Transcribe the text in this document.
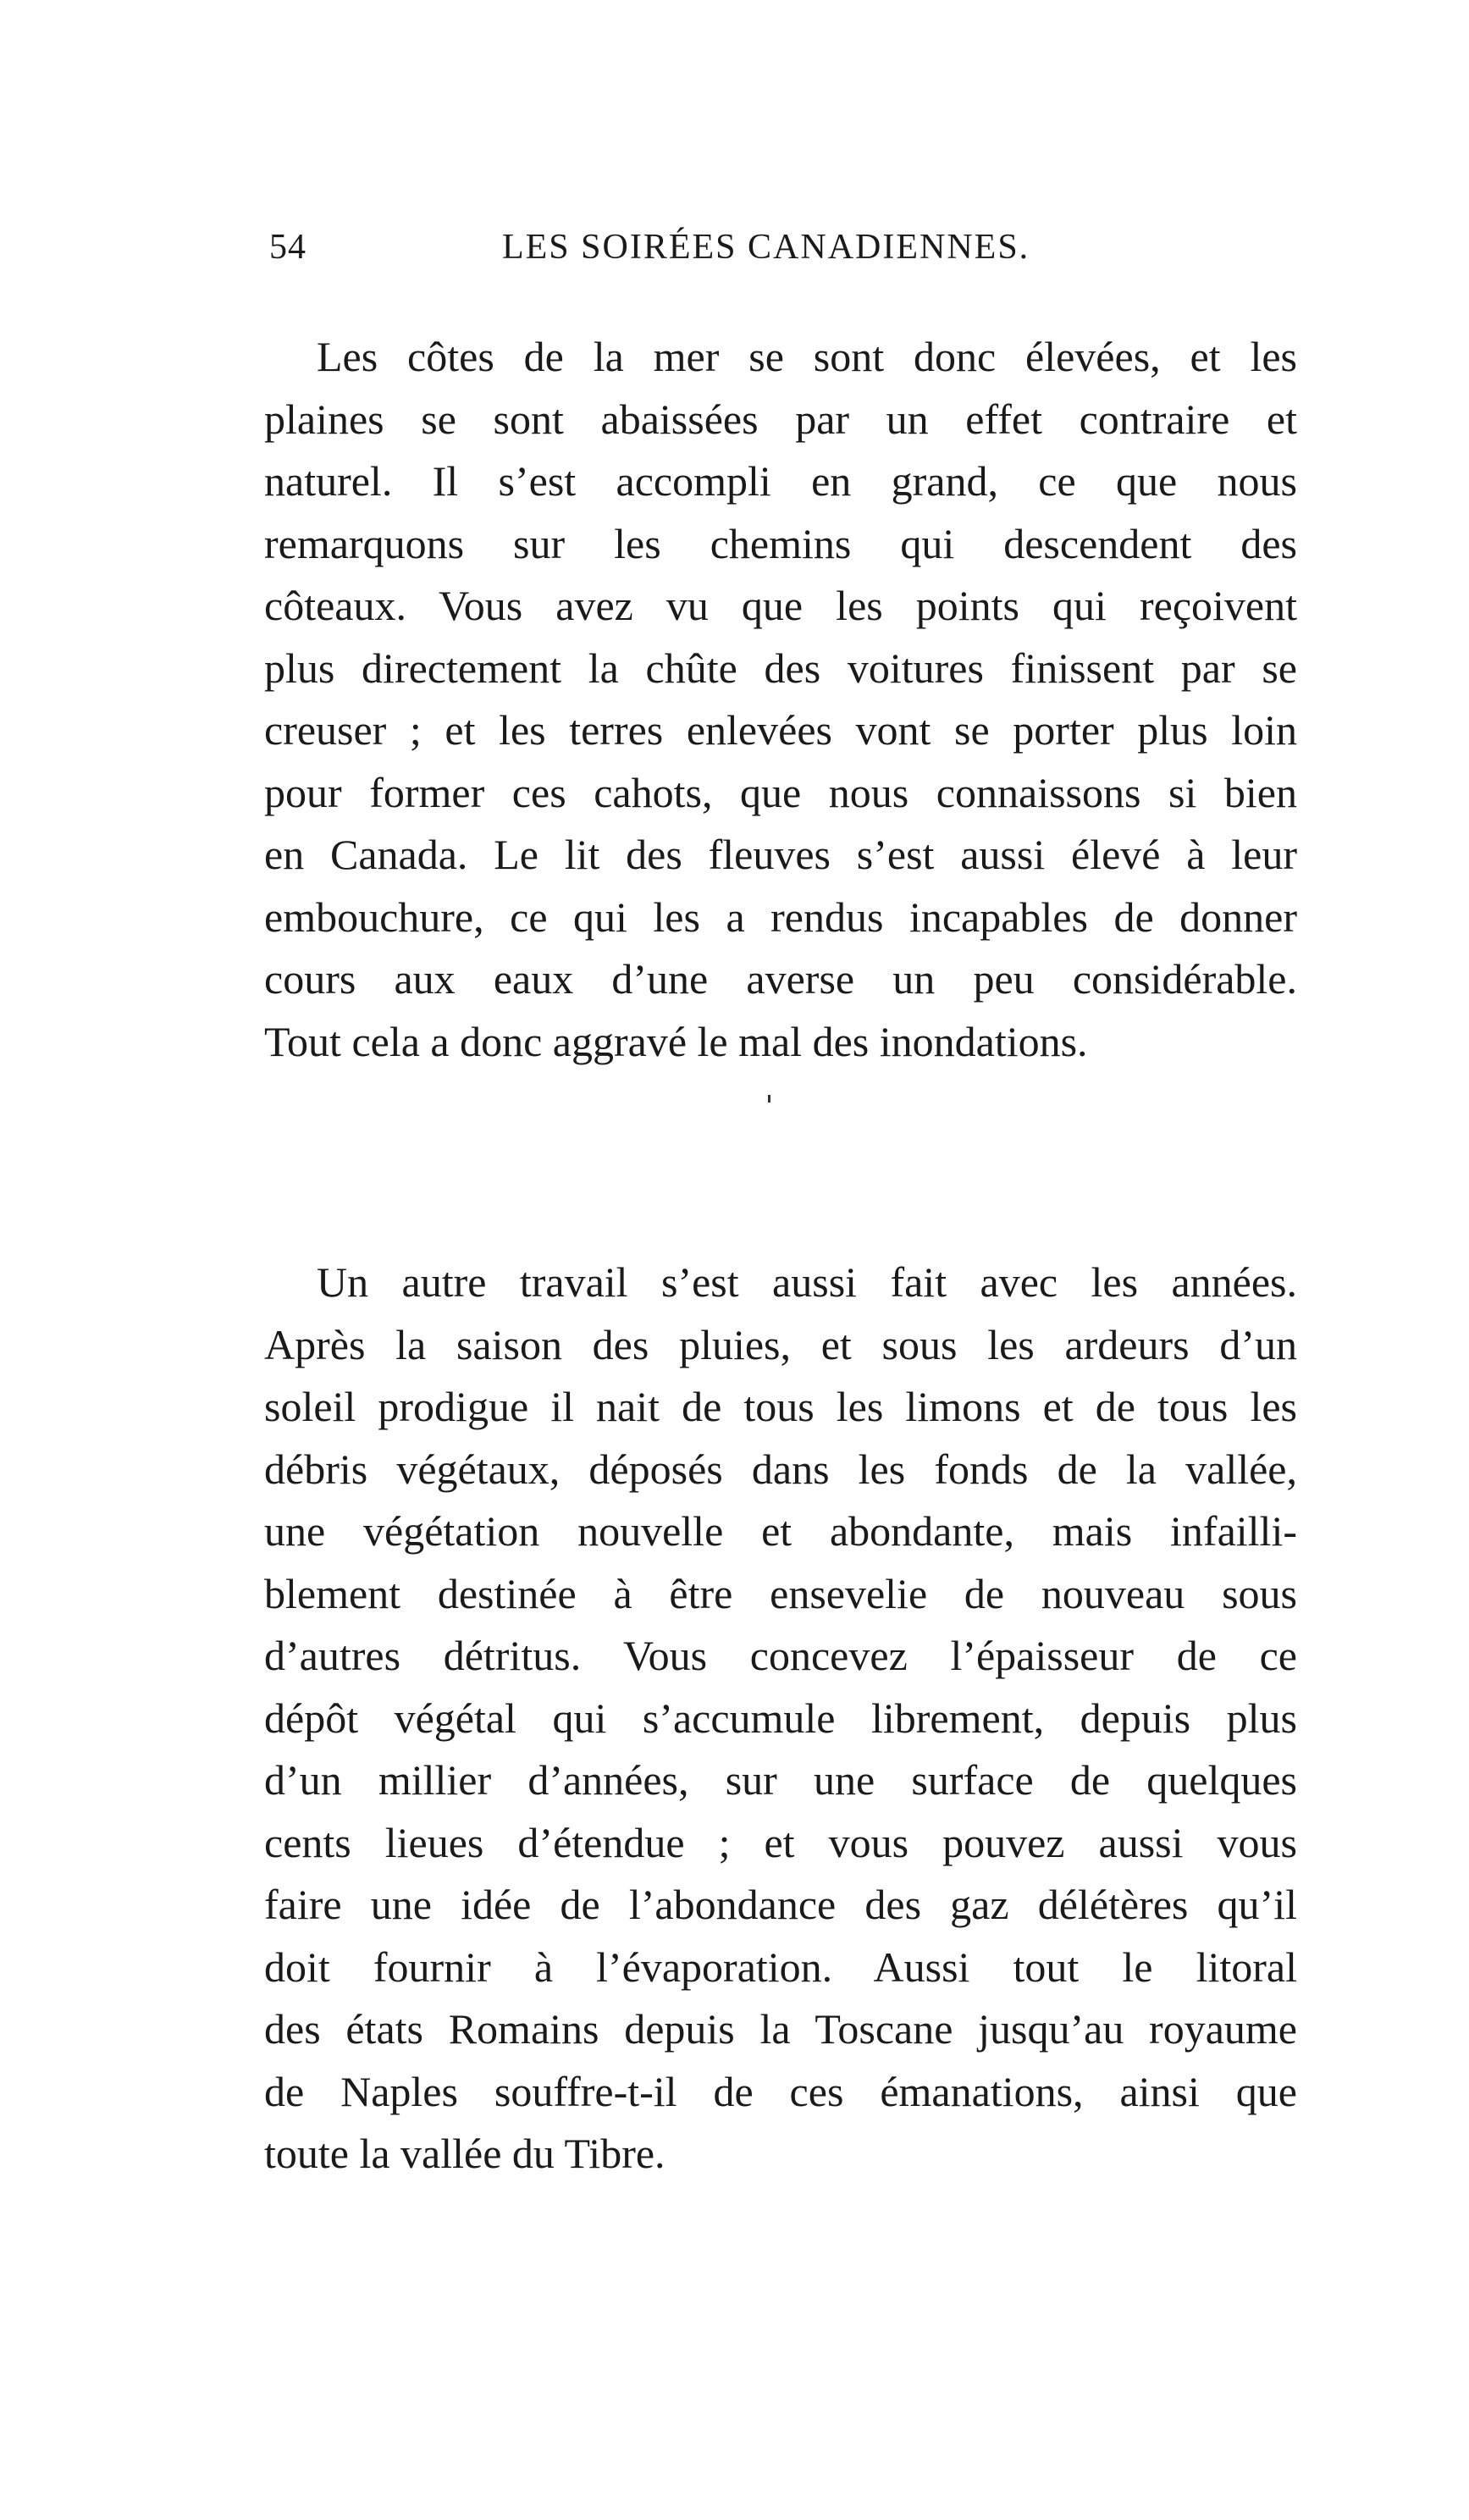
54	LES SOIRÉES CANADIENNES.
Les côtes de la mer se sont donc élevées, et les
plaines se sont abaissées par un effet contraire et
naturel. Il s’est accompli en grand, ce que nous
remarquons sur les chemins qui descendent des
côteaux. Vous avez vu que les points qui reçoivent
plus directement la chûte des voitures finissent par se
creuser ; et les terres enlevées vont se porter plus loin
pour former ces cahots, que nous connaissons si bien
en Canada. Le lit des fleuves s’est aussi élevé à leur
embouchure, ce qui les a rendus incapables de donner
cours aux eaux d’une averse un peu considérable.
Tout cela a donc aggravé le mal des inondations.
Un autre travail s’est aussi fait avec les années.
Après la saison des pluies, et sous les ardeurs d’un
soleil prodigue il nait de tous les limons et de tous les
débris végétaux, déposés dans les fonds de la vallée,
une végétation nouvelle et abondante, mais infailli-
blement destinée à être ensevelie de nouveau sous
d’autres détritus. Vous concevez l’épaisseur de ce
dépôt végétal qui s’accumule librement, depuis plus
d’un millier d’années, sur une surface de quelques
cents lieues d’étendue ; et vous pouvez aussi vous
faire une idée de l’abondance des gaz délétères qu’il
doit fournir à l’évaporation. Aussi tout le litoral
des états Romains depuis la Toscane jusqu’au royaume
de Naples souffre-t-il de ces émanations, ainsi que
toute la vallée du Tibre.
